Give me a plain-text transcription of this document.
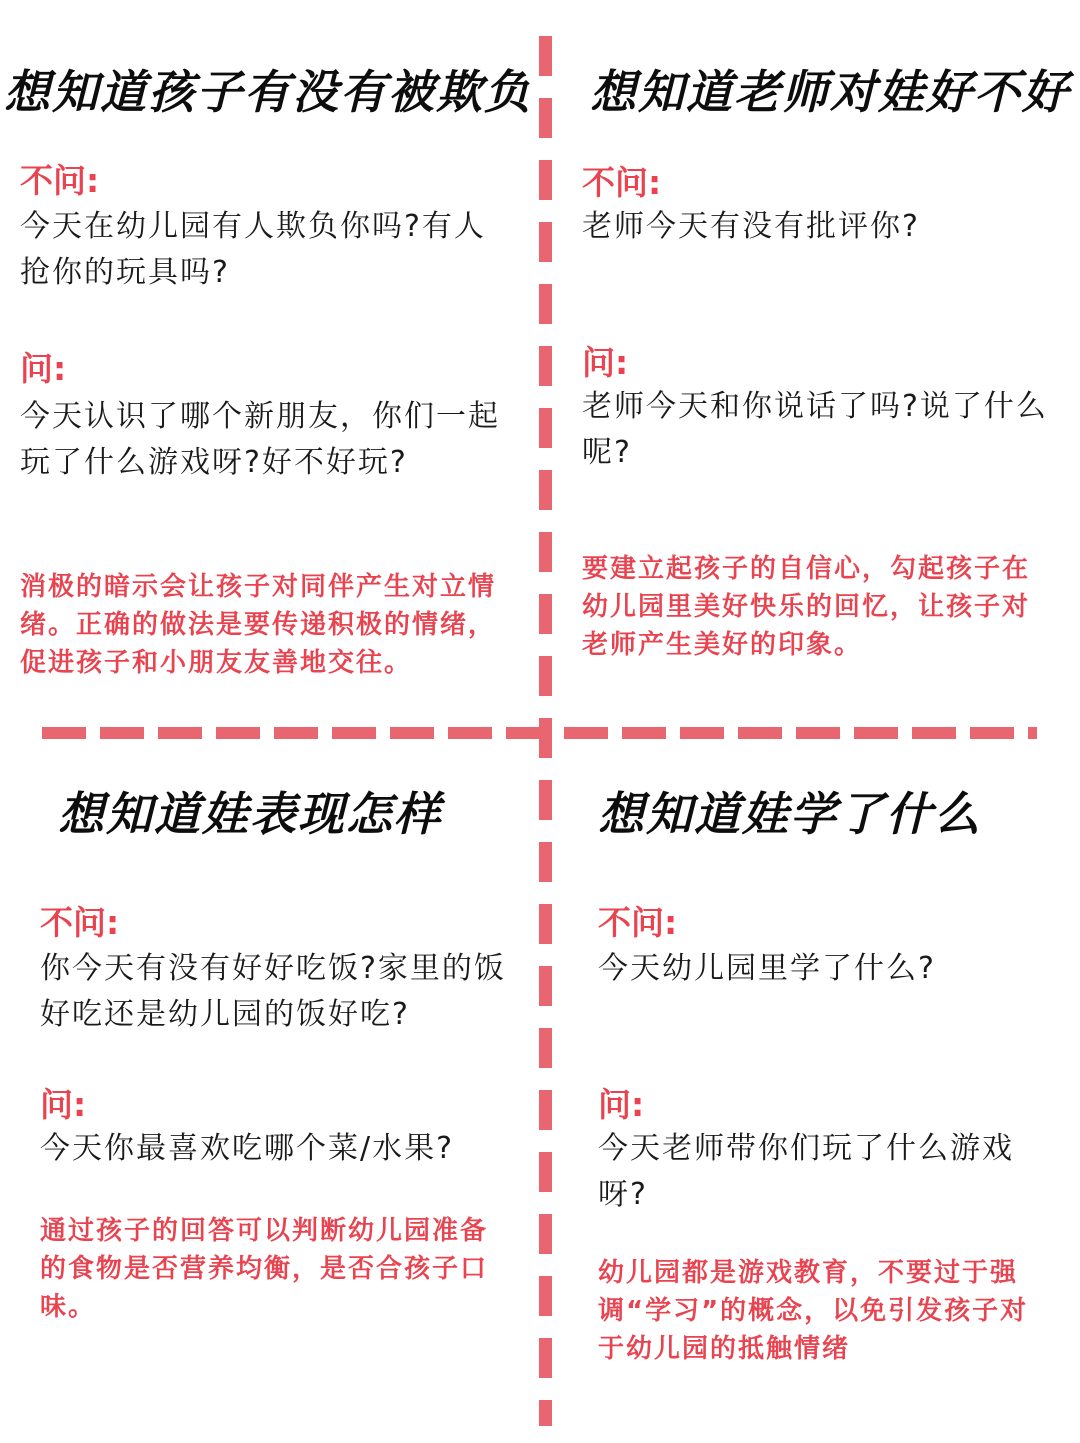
想知道孩子有没有被欺负
不问:
今天在幼儿园有人欺负你吗?有人抢你的玩具吗?
问:
今天认识了哪个新朋友，你们一起玩了什么游戏呀?好不好玩?
消极的暗示会让孩子对同伴产生对立情绪。正确的做法是要传递积极的情绪，促进孩子和小朋友友善地交往。
想知道老师对娃好不好
不问:
老师今天有没有批评你?
问:
老师今天和你说话了吗?说了什么呢?
要建立起孩子的自信心，勾起孩子在幼儿园里美好快乐的回忆，让孩子对老师产生美好的印象。
想知道娃表现怎样
不问:
你今天有没有好好吃饭?家里的饭好吃还是幼儿园的饭好吃?
问:
今天你最喜欢吃哪个菜/水果?
通过孩子的回答可以判断幼儿园准备的食物是否营养均衡，是否合孩子口味。
想知道娃学了什么
不问:
今天幼儿园里学了什么?
问:
今天老师带你们玩了什么游戏呀?
幼儿园都是游戏教育，不要过于强调“学习”的概念，以免引发孩子对于幼儿园的抵触情绪
